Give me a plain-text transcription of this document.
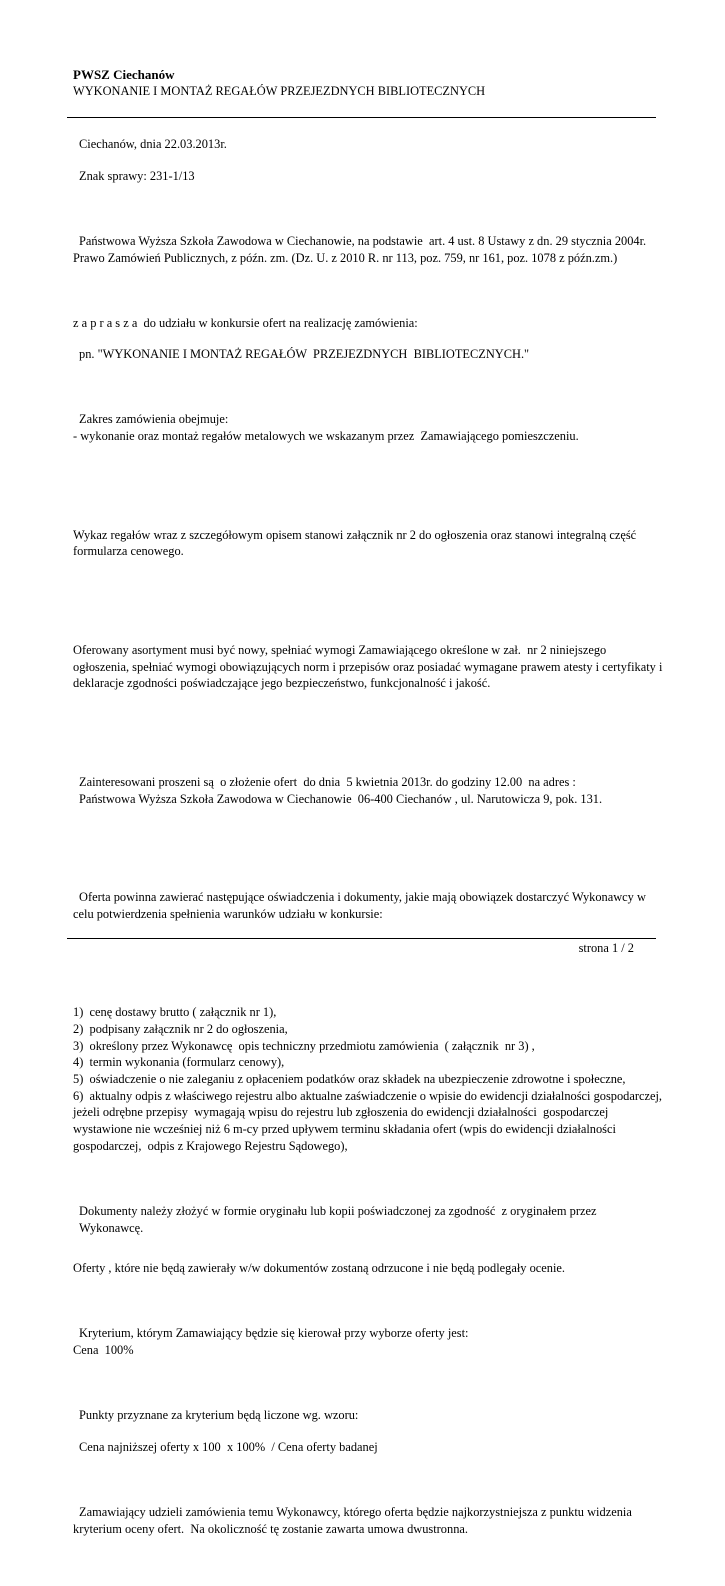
PWSZ Ciechanów
WYKONANIE I MONTAŻ REGAŁÓW PRZEJEZDNYCH BIBLIOTECZNYCH

Ciechanów, dnia 22.03.2013r.

Znak sprawy: 231-1/13

Państwowa Wyższa Szkoła Zawodowa w Ciechanowie, na podstawie  art. 4 ust. 8 Ustawy z dn. 29 stycznia 2004r.
Prawo Zamówień Publicznych, z późn. zm. (Dz. U. z 2010 R. nr 113, poz. 759, nr 161, poz. 1078 z późn.zm.)

z a p r a s z a  do udziału w konkursie ofert na realizację zamówienia:

pn. "WYKONANIE I MONTAŻ REGAŁÓW  PRZEJEZDNYCH  BIBLIOTECZNYCH."

Zakres zamówienia obejmuje:
- wykonanie oraz montaż regałów metalowych we wskazanym przez  Zamawiającego pomieszczeniu.

Wykaz regałów wraz z szczegółowym opisem stanowi załącznik nr 2 do ogłoszenia oraz stanowi integralną część
formularza cenowego.

Oferowany asortyment musi być nowy, spełniać wymogi Zamawiającego określone w zał.  nr 2 niniejszego
ogłoszenia, spełniać wymogi obowiązujących norm i przepisów oraz posiadać wymagane prawem atesty i certyfikaty i
deklaracje zgodności poświadczające jego bezpieczeństwo, funkcjonalność i jakość.

Zainteresowani proszeni są  o złożenie ofert  do dnia  5 kwietnia 2013r. do godziny 12.00  na adres :
Państwowa Wyższa Szkoła Zawodowa w Ciechanowie  06-400 Ciechanów , ul. Narutowicza 9, pok. 131.

Oferta powinna zawierać następujące oświadczenia i dokumenty, jakie mają obowiązek dostarczyć Wykonawcy w
celu potwierdzenia spełnienia warunków udziału w konkursie:

1)  cenę dostawy brutto ( załącznik nr 1),
2)  podpisany załącznik nr 2 do ogłoszenia,
3)  określony przez Wykonawcę  opis techniczny przedmiotu zamówienia  ( załącznik  nr 3) ,
4)  termin wykonania (formularz cenowy),
5)  oświadczenie o nie zaleganiu z opłaceniem podatków oraz składek na ubezpieczenie zdrowotne i społeczne,
6)  aktualny odpis z właściwego rejestru albo aktualne zaświadczenie o wpisie do ewidencji działalności gospodarczej,
jeżeli odrębne przepisy  wymagają wpisu do rejestru lub zgłoszenia do ewidencji działalności  gospodarczej
wystawione nie wcześniej niż 6 m-cy przed upływem terminu składania ofert (wpis do ewidencji działalności
gospodarczej,  odpis z Krajowego Rejestru Sądowego),

Dokumenty należy złożyć w formie oryginału lub kopii poświadczonej za zgodność  z oryginałem przez Wykonawcę.

Oferty , które nie będą zawierały w/w dokumentów zostaną odrzucone i nie będą podlegały ocenie.

Kryterium, którym Zamawiający będzie się kierował przy wyborze oferty jest:
Cena  100%

Punkty przyznane za kryterium będą liczone wg. wzoru:

Cena najniższej oferty x 100  x 100%  / Cena oferty badanej

Zamawiający udzieli zamówienia temu Wykonawcy, którego oferta będzie najkorzystniejsza z punktu widzenia
kryterium oceny ofert.  Na okoliczność tę zostanie zawarta umowa dwustronna.

strona 1 / 2
